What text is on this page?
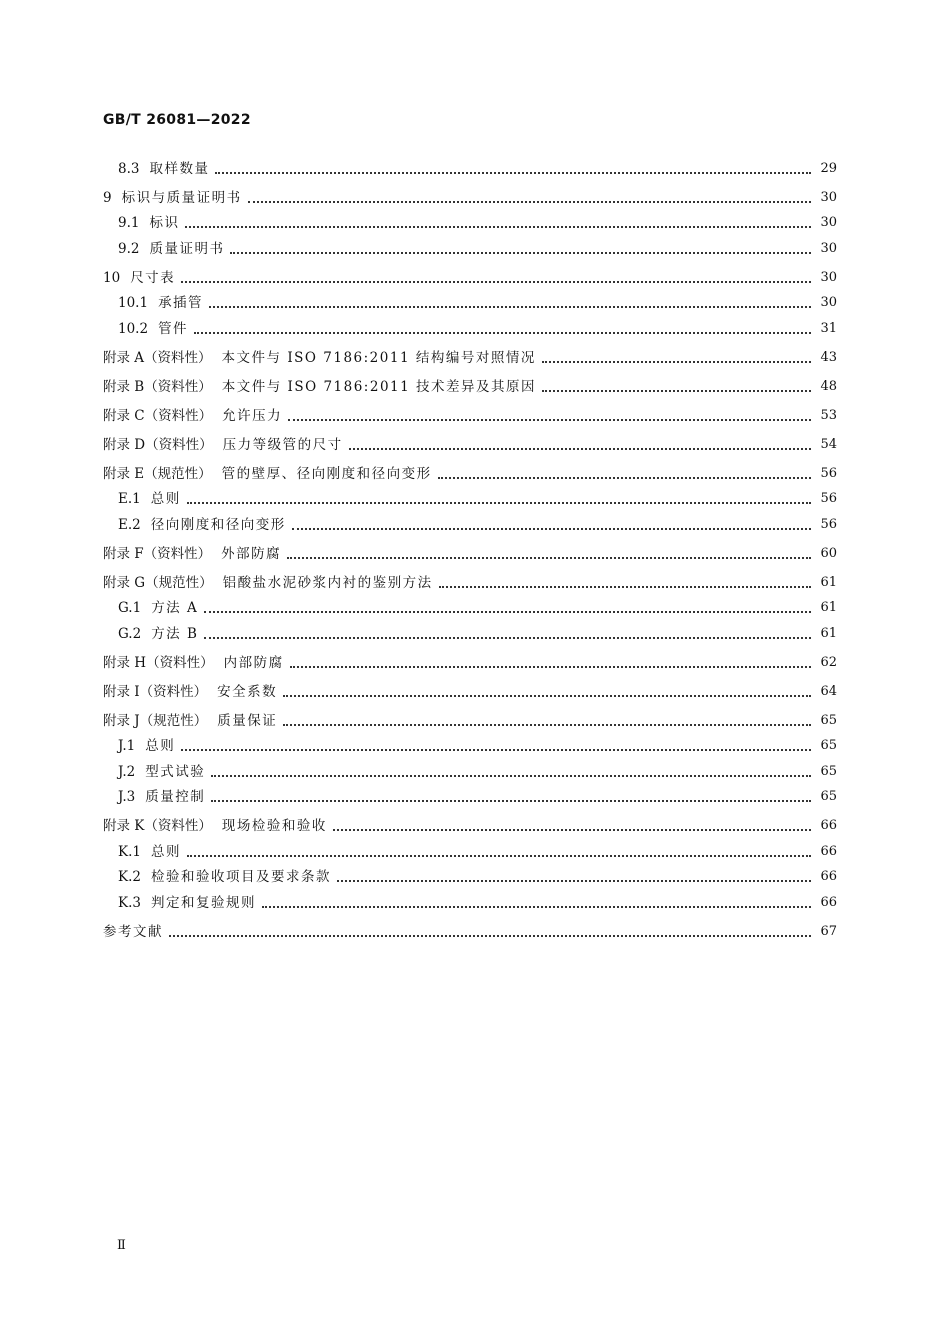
GB/T 26081—2022
8.3 取样数量	29
9 标识与质量证明书	30
9.1 标识	30
9.2 质量证明书	30
10 尺寸表	30
10.1 承插管	30
10.2 管件	31
附录 A（资料性） 本文件与 ISO 7186:2011 结构编号对照情况	43
附录 B（资料性） 本文件与 ISO 7186:2011 技术差异及其原因	48
附录 C（资料性） 允许压力	53
附录 D（资料性） 压力等级管的尺寸	54
附录 E（规范性） 管的壁厚、径向刚度和径向变形	56
E.1 总则	56
E.2 径向刚度和径向变形	56
附录 F（资料性） 外部防腐	60
附录 G（规范性） 铝酸盐水泥砂浆内衬的鉴别方法	61
G.1 方法 A	61
G.2 方法 B	61
附录 H（资料性） 内部防腐	62
附录 I（资料性） 安全系数	64
附录 J（规范性） 质量保证	65
J.1 总则	65
J.2 型式试验	65
J.3 质量控制	65
附录 K（资料性） 现场检验和验收	66
K.1 总则	66
K.2 检验和验收项目及要求条款	66
K.3 判定和复验规则	66
参考文献	67
Ⅱ
